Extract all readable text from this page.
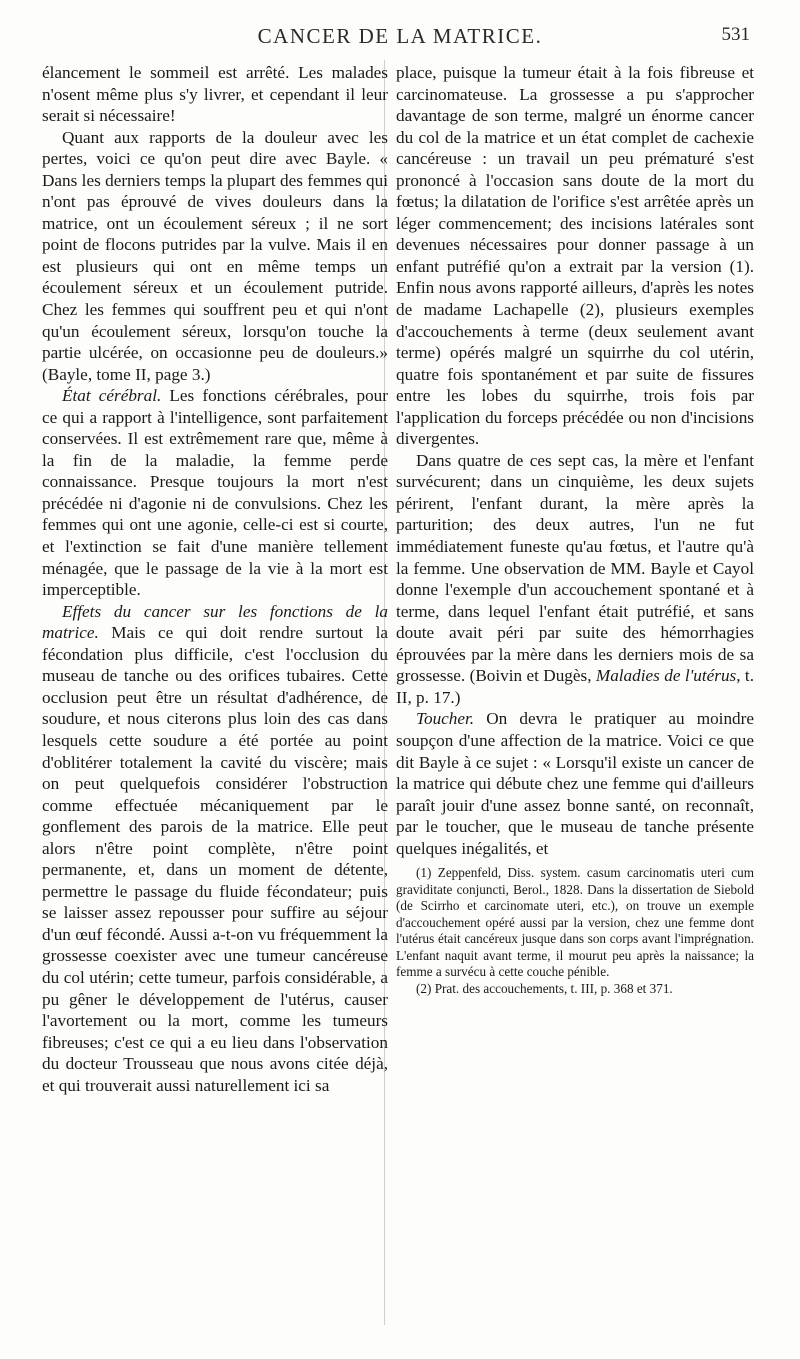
CANCER DE LA MATRICE.	531

élancement le sommeil est arrêté. Les malades n'osent même plus s'y livrer, et cependant il leur serait si nécessaire!

Quant aux rapports de la douleur avec les pertes, voici ce qu'on peut dire avec Bayle. « Dans les derniers temps la plupart des femmes qui n'ont pas éprouvé de vives douleurs dans la matrice, ont un écoulement séreux ; il ne sort point de flocons putrides par la vulve. Mais il en est plusieurs qui ont en même temps un écoulement séreux et un écoulement putride. Chez les femmes qui souffrent peu et qui n'ont qu'un écoulement séreux, lorsqu'on touche la partie ulcérée, on occasionne peu de douleurs.» (Bayle, tome II, page 3.)

État cérébral. Les fonctions cérébrales, pour ce qui a rapport à l'intelligence, sont parfaitement conservées. Il est extrêmement rare que, même à la fin de la maladie, la femme perde connaissance. Presque toujours la mort n'est précédée ni d'agonie ni de convulsions. Chez les femmes qui ont une agonie, celle-ci est si courte, et l'extinction se fait d'une manière tellement ménagée, que le passage de la vie à la mort est imperceptible.

Effets du cancer sur les fonctions de la matrice. Mais ce qui doit rendre surtout la fécondation plus difficile, c'est l'occlusion du museau de tanche ou des orifices tubaires. Cette occlusion peut être un résultat d'adhérence, de soudure, et nous citerons plus loin des cas dans lesquels cette soudure a été portée au point d'oblitérer totalement la cavité du viscère; mais on peut quelquefois considérer l'obstruction comme effectuée mécaniquement par le gonflement des parois de la matrice. Elle peut alors n'être point complète, n'être point permanente, et, dans un moment de détente, permettre le passage du fluide fécondateur; puis se laisser assez repousser pour suffire au séjour d'un œuf fécondé. Aussi a-t-on vu fréquemment la grossesse coexister avec une tumeur cancéreuse du col utérin; cette tumeur, parfois considérable, a pu gêner le développement de l'utérus, causer l'avortement ou la mort, comme les tumeurs fibreuses; c'est ce qui a eu lieu dans l'observation du docteur Trousseau que nous avons citée déjà, et qui trouverait aussi naturellement ici sa

place, puisque la tumeur était à la fois fibreuse et carcinomateuse. La grossesse a pu s'approcher davantage de son terme, malgré un énorme cancer du col de la matrice et un état complet de cachexie cancéreuse : un travail un peu prématuré s'est prononcé à l'occasion sans doute de la mort du fœtus; la dilatation de l'orifice s'est arrêtée après un léger commencement; des incisions latérales sont devenues nécessaires pour donner passage à un enfant putréfié qu'on a extrait par la version (1). Enfin nous avons rapporté ailleurs, d'après les notes de madame Lachapelle (2), plusieurs exemples d'accouchements à terme (deux seulement avant terme) opérés malgré un squirrhe du col utérin, quatre fois spontanément et par suite de fissures entre les lobes du squirrhe, trois fois par l'application du forceps précédée ou non d'incisions divergentes.

Dans quatre de ces sept cas, la mère et l'enfant survécurent; dans un cinquième, les deux sujets périrent, l'enfant durant, la mère après la parturition; des deux autres, l'un ne fut immédiatement funeste qu'au fœtus, et l'autre qu'à la femme. Une observation de MM. Bayle et Cayol donne l'exemple d'un accouchement spontané et à terme, dans lequel l'enfant était putréfié, et sans doute avait péri par suite des hémorrhagies éprouvées par la mère dans les derniers mois de sa grossesse. (Boivin et Dugès, Maladies de l'utérus, t. II, p. 17.)

Toucher. On devra le pratiquer au moindre soupçon d'une affection de la matrice. Voici ce que dit Bayle à ce sujet : « Lorsqu'il existe un cancer de la matrice qui débute chez une femme qui d'ailleurs paraît jouir d'une assez bonne santé, on reconnaît, par le toucher, que le museau de tanche présente quelques inégalités, et

(1) Zeppenfeld, Diss. system. casum carcinomatis uteri cum graviditate conjuncti, Berol., 1828. Dans la dissertation de Siebold (de Scirrho et carcinomate uteri, etc.), on trouve un exemple d'accouchement opéré aussi par la version, chez une femme dont l'utérus était cancéreux jusque dans son corps avant l'imprégnation. L'enfant naquit avant terme, il mourut peu après la naissance; la femme a survécu à cette couche pénible.

(2) Prat. des accouchements, t. III, p. 368 et 371.
